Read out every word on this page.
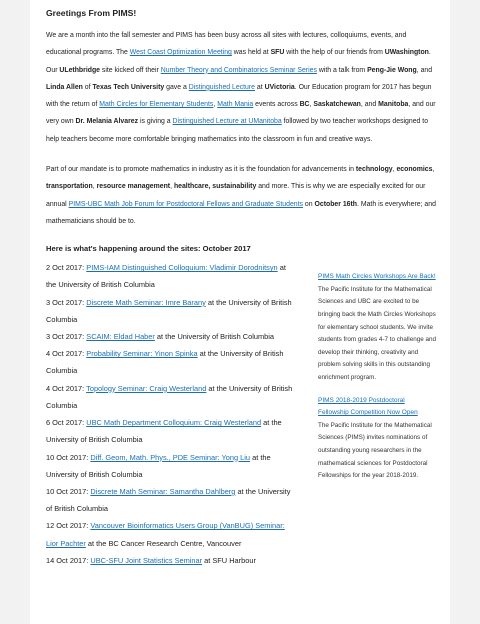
Greetings From PIMS!

We are a month into the fall semester and PIMS has been busy across all sites with lectures, colloquiums, events, and educational programs. The West Coast Optimization Meeting was held at SFU with the help of our friends from UWashington. Our ULethbridge site kicked off their Number Theory and Combinatorics Seminar Series with a talk from Peng-Jie Wong, and Linda Allen of Texas Tech University gave a Distinguished Lecture at UVictoria. Our Education program for 2017 has begun with the return of Math Circles for Elementary Students, Math Mania events across BC, Saskatchewan, and Manitoba, and our very own Dr. Melania Alvarez is giving a Distinguished Lecture at UManitoba followed by two teacher workshops designed to help teachers become more comfortable bringing mathematics into the classroom in fun and creative ways.

Part of our mandate is to promote mathematics in industry as it is the foundation for advancements in technology, economics, transportation, resource management, healthcare, sustainability and more. This is why we are especially excited for our annual PIMS-UBC Math Job Forum for Postdoctoral Fellows and Graduate Students on October 16th. Math is everywhere; and mathematicians should be to.

Here is what's happening around the sites: October 2017

2 Oct 2017: PIMS-IAM Distinguished Colloquium: Vladimir Dorodnitsyn at the University of British Columbia

3 Oct 2017: Discrete Math Seminar: Imre Barany at the University of British Columbia

3 Oct 2017: SCAIM: Eldad Haber at the University of British Columbia

4 Oct 2017: Probability Seminar: Yinon Spinka at the University of British Columbia

4 Oct 2017: Topology Seminar: Craig Westerland at the University of British Columbia

6 Oct 2017: UBC Math Department Colloquium: Craig Westerland at the University of British Columbia

10 Oct 2017: Diff. Geom, Math. Phys., PDE Seminar: Yong Liu at the University of British Columbia

10 Oct 2017: Discrete Math Seminar: Samantha Dahlberg at the University of British Columbia

12 Oct 2017: Vancouver Bioinformatics Users Group (VanBUG) Seminar: Lior Pachter at the BC Cancer Research Centre, Vancouver

14 Oct 2017: UBC-SFU Joint Statistics Seminar at SFU Harbour

PIMS Math Circles Workshops Are Back!

The Pacific Institute for the Mathematical Sciences and UBC are excited to be bringing back the Math Circles Workshops for elementary school students. We invite students from grades 4-7 to challenge and develop their thinking, creativity and problem solving skills in this outstanding enrichment program.

PIMS 2018-2019 Postdoctoral Fellowship Competition Now Open

The Pacific Institute for the Mathematical Sciences (PIMS) invites nominations of outstanding young researchers in the mathematical sciences for Postdoctoral Fellowships for the year 2018-2019.
